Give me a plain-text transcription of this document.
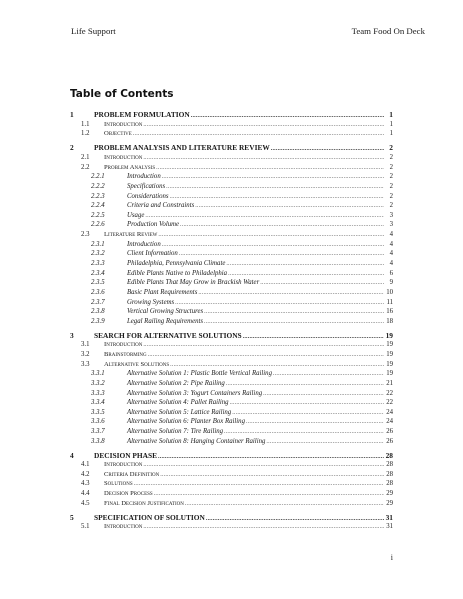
Life Support	Team Food On Deck
Table of Contents
1	PROBLEM FORMULATION .....	1
1.1	Introduction .....	1
1.2	Objective .....	1
2	PROBLEM ANALYSIS AND LITERATURE REVIEW .....	2
2.1	Introduction .....	2
2.2	Problem Analysis .....	2
2.2.1	Introduction .....	2
2.2.2	Specifications .....	2
2.2.3	Considerations .....	2
2.2.4	Criteria and Constraints .....	2
2.2.5	Usage .....	3
2.2.6	Production Volume .....	3
2.3	Literature Review .....	4
2.3.1	Introduction .....	4
2.3.2	Client Information .....	4
2.3.3	Philadelphia, Pennsylvania Climate .....	4
2.3.4	Edible Plants Native to Philadelphia .....	6
2.3.5	Edible Plants That May Grow in Brackish Water .....	9
2.3.6	Basic Plant Requirements .....	10
2.3.7	Growing Systems .....	11
2.3.8	Vertical Growing Structures .....	16
2.3.9	Legal Railing Requirements .....	18
3	SEARCH FOR ALTERNATIVE SOLUTIONS .....	19
3.1	Introduction .....	19
3.2	Brainstorming .....	19
3.3	Alternative Solutions .....	19
3.3.1	Alternative Solution 1: Plastic Bottle Vertical Railing .....	19
3.3.2	Alternative Solution 2: Pipe Railing .....	21
3.3.3	Alternative Solution 3: Yogurt Containers Railing .....	22
3.3.4	Alternative Solution 4: Pallet Railing .....	22
3.3.5	Alternative Solution 5: Lattice Railing .....	24
3.3.6	Alternative Solution 6: Planter Box Railing .....	24
3.3.7	Alternative Solution 7: Tire Railing .....	26
3.3.8	Alternative Solution 8: Hanging Container Railing .....	26
4	DECISION PHASE .....	28
4.1	Introduction .....	28
4.2	Criteria Definition .....	28
4.3	Solutions .....	28
4.4	Decision Process .....	29
4.5	Final Decision Justification .....	29
5	SPECIFICATION OF SOLUTION .....	31
5.1	Introduction .....	31
i
